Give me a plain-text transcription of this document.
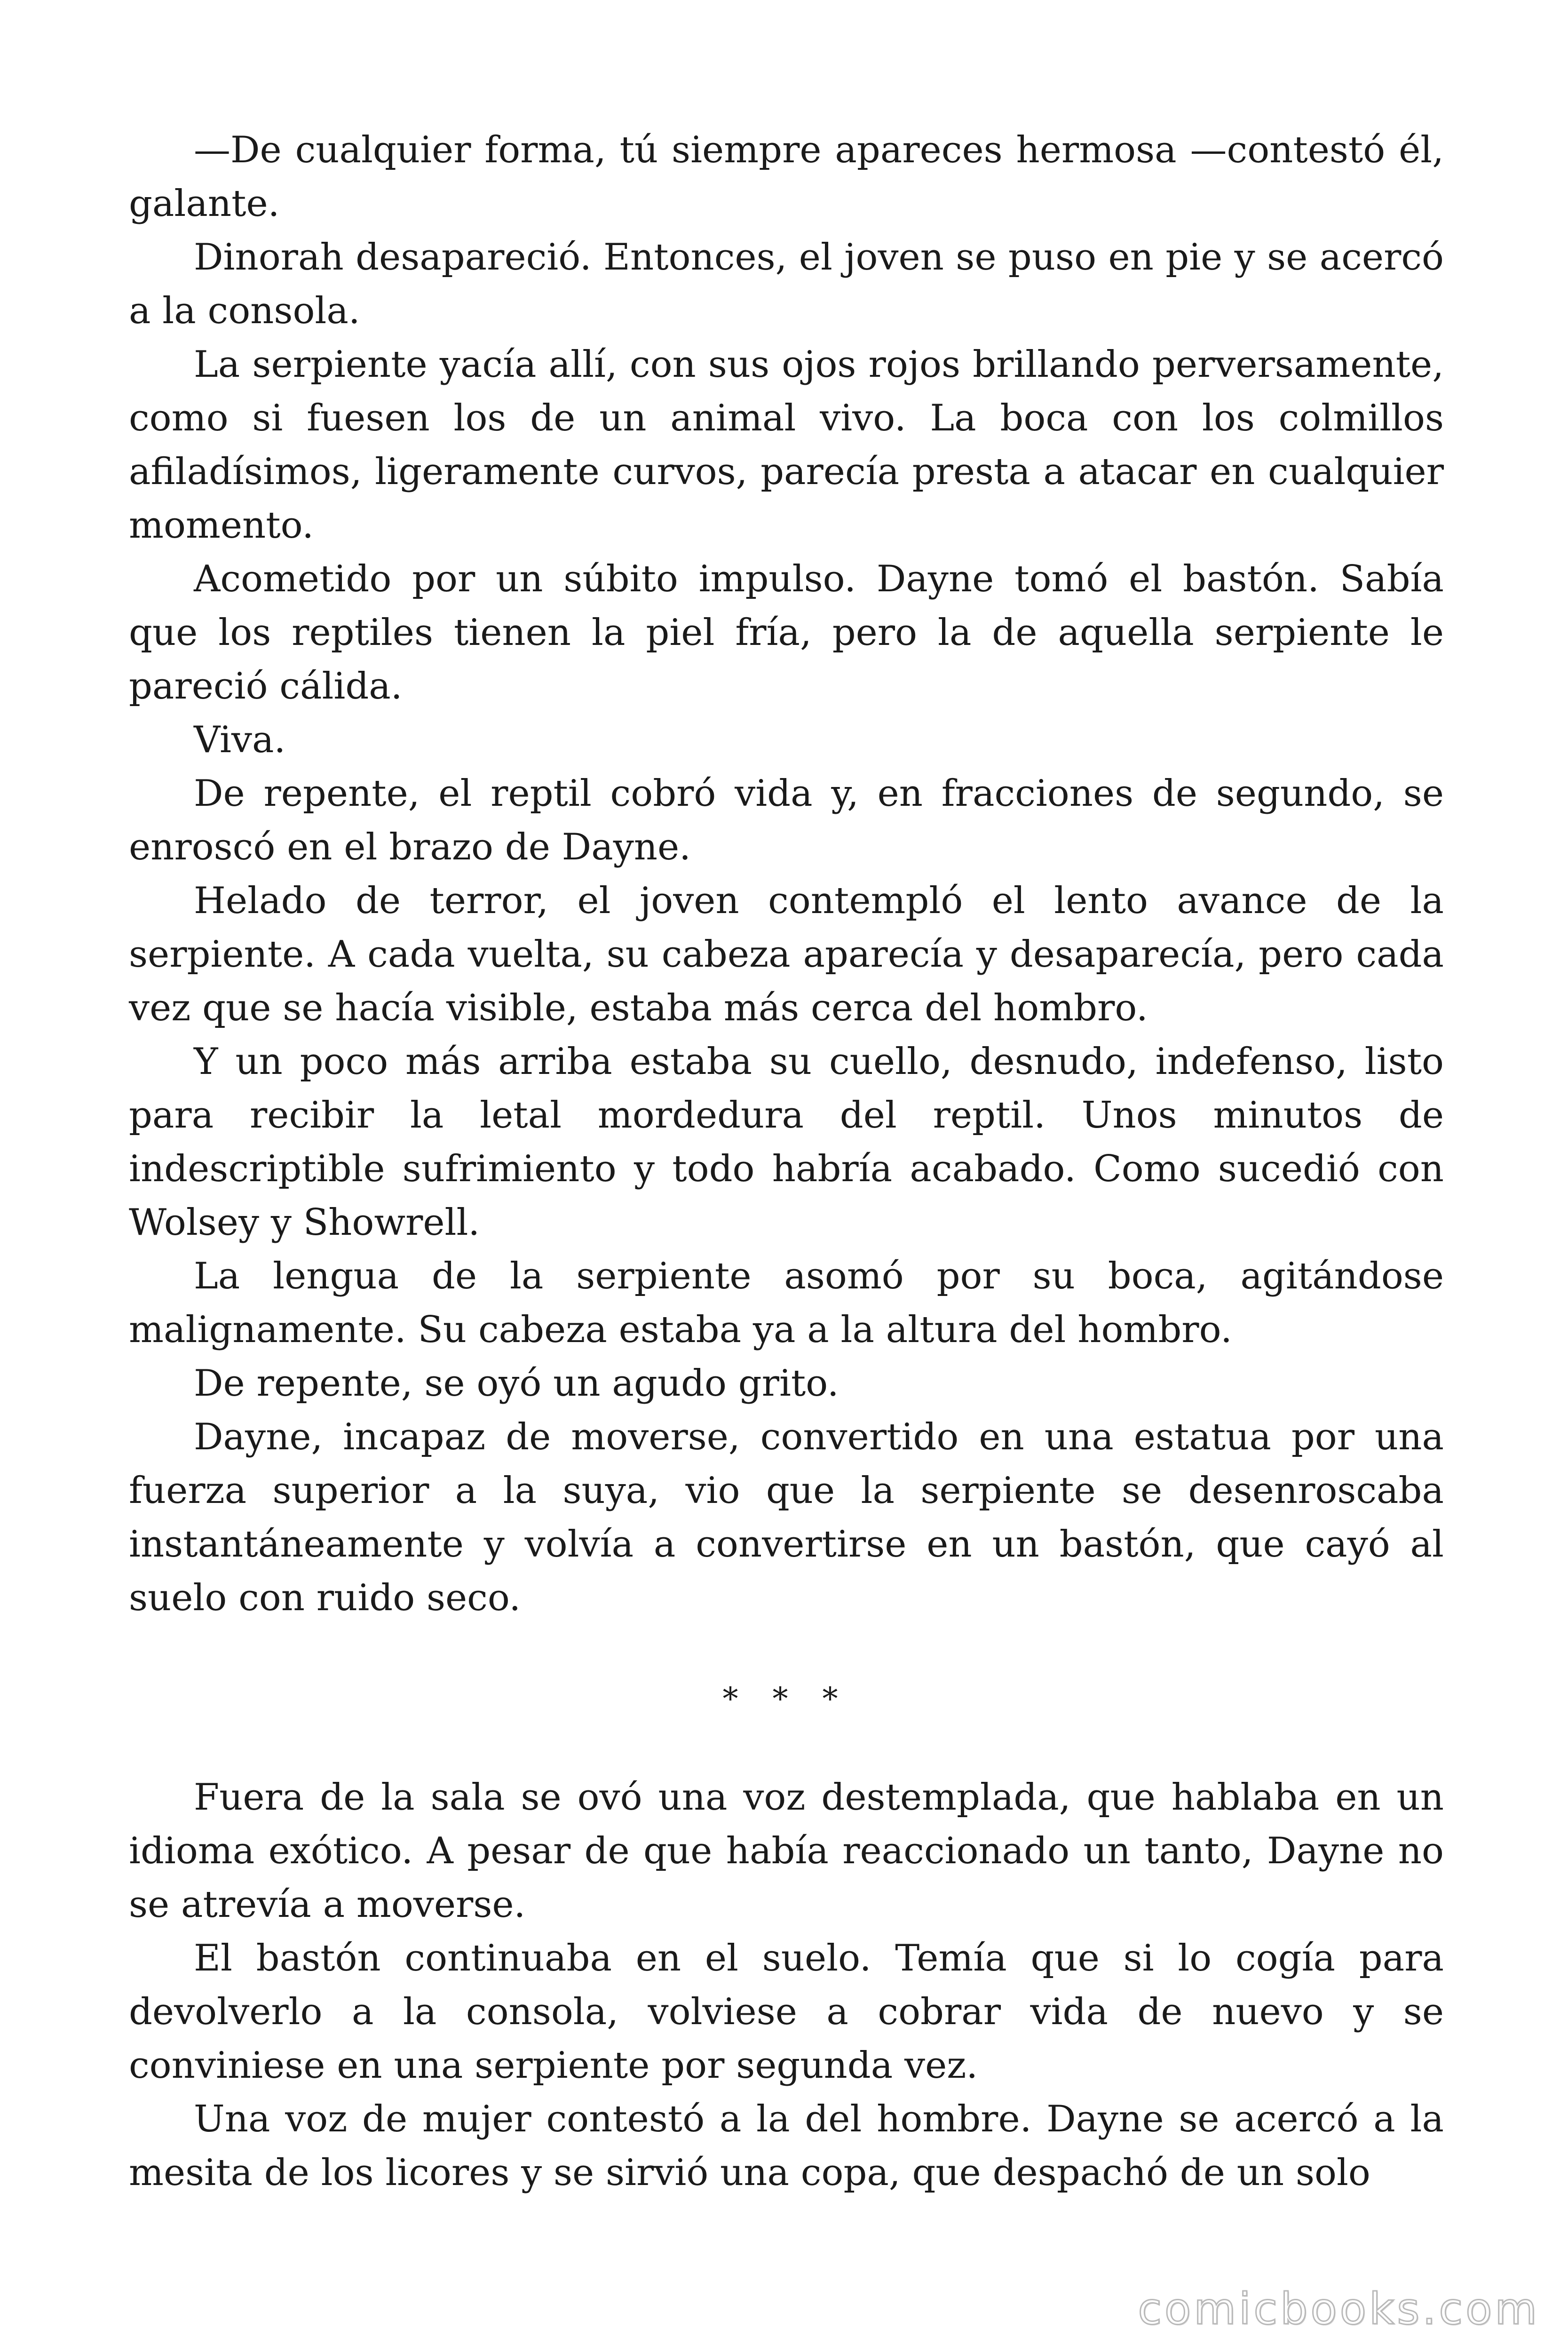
—De cualquier forma, tú siempre apareces hermosa —contestó él, galante.

Dinorah desapareció. Entonces, el joven se puso en pie y se acercó a la consola.

La serpiente yacía allí, con sus ojos rojos brillando perversamente, como si fuesen los de un animal vivo. La boca con los colmillos afiladísimos, ligeramente curvos, parecía presta a atacar en cualquier momento.

Acometido por un súbito impulso. Dayne tomó el bastón. Sabía que los reptiles tienen la piel fría, pero la de aquella serpiente le pareció cálida.

Viva.

De repente, el reptil cobró vida y, en fracciones de segundo, se enroscó en el brazo de Dayne.

Helado de terror, el joven contempló el lento avance de la serpiente. A cada vuelta, su cabeza aparecía y desaparecía, pero cada vez que se hacía visible, estaba más cerca del hombro.

Y un poco más arriba estaba su cuello, desnudo, indefenso, listo para recibir la letal mordedura del reptil. Unos minutos de indescriptible sufrimiento y todo habría acabado. Como sucedió con Wolsey y Showrell.

La lengua de la serpiente asomó por su boca, agitándose malignamente. Su cabeza estaba ya a la altura del hombro.

De repente, se oyó un agudo grito.

Dayne, incapaz de moverse, convertido en una estatua por una fuerza superior a la suya, vio que la serpiente se desenroscaba instantáneamente y volvía a convertirse en un bastón, que cayó al suelo con ruido seco.

* * *

Fuera de la sala se ovó una voz destemplada, que hablaba en un idioma exótico. A pesar de que había reaccionado un tanto, Dayne no se atrevía a moverse.

El bastón continuaba en el suelo. Temía que si lo cogía para devolverlo a la consola, volviese a cobrar vida de nuevo y se conviniese en una serpiente por segunda vez.

Una voz de mujer contestó a la del hombre. Dayne se acercó a la mesita de los licores y se sirvió una copa, que despachó de un solo

comicbooks.com
